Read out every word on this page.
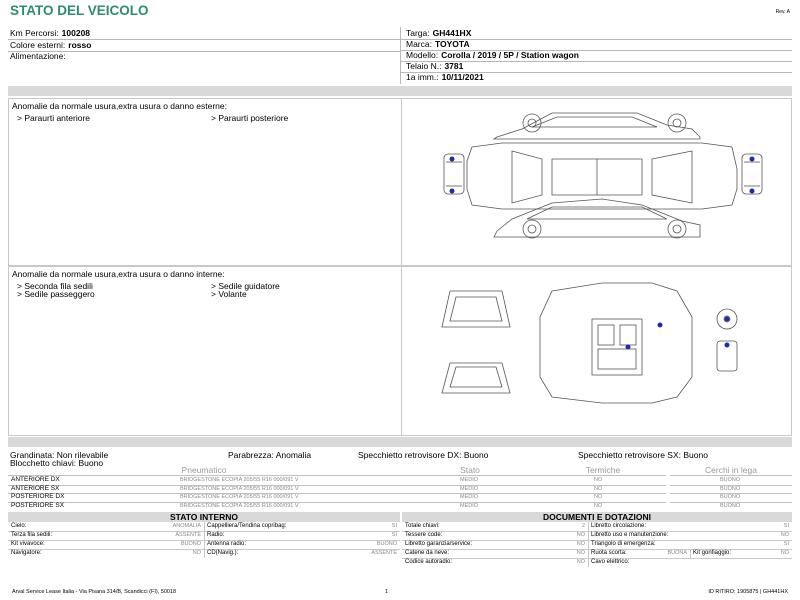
STATO DEL VEICOLO	Rev. A
Km Percorsi: 100208
Colore esterni: rosso
Alimentazione:
Targa: GH441HX
Marca: TOYOTA
Modello: Corolla / 2019 / 5P / Station wagon
Telaio N.: 3781
1a imm.: 10/11/2021
Anomalie da normale usura,extra usura o danno esterne:
> Paraurti anteriore	> Paraurti posteriore
Anomalie da normale usura,extra usura o danno interne:
> Seconda fila sedili
> Sedile passeggero
> Sedile guidatore
> Volante
Grandinata: Non rilevabile	Parabrezza: Anomalia	Specchietto retrovisore DX: Buono	Specchietto retrovisore SX: Buono
Blocchetto chiavi: Buono
Pneumatico	Stato	Termiche	Cerchi in lega
ANTERIORE DX	BRIDGESTONE ECOPIA 205/55 R16 000/091 V	MEDIO	NO	BUONO
ANTERIORE SX	BRIDGESTONE ECOPIA 205/55 R16 000/091 V	MEDIO	NO	BUONO
POSTERIORE DX	BRIDGESTONE ECOPIA 205/55 R16 000/091 V	MEDIO	NO	BUONO
POSTERIORE SX	BRIDGESTONE ECOPIA 205/55 R16 000/091 V	MEDIO	NO	BUONO
STATO INTERNO
Cielo:	ANOMALIA Cappelliera/Tendina copribag:	SI
Terza fila sedili:	ASSENTE Radio:	SI
Kit vivavoce:	BUONO Antenna radio:	BUONO
Navigatore:	NO CD(Navig.):	ASSENTE
DOCUMENTI E DOTAZIONI
Totale chiavi:	2 Libretto circolazione:	SI
Tessere code:	NO Libretto uso e manutenzione:	NO
Libretto garanzia/service:	NO Triangolo di emergenza:	SI
Catene da neve:	NO Ruota scorta:	BUONA Kit gonfiaggio:	NO
Codice autoradio:	NO Cavo elettrico:
Arval Service Lease Italia - Via Pisana 314/B, Scandicci (FI), 50018	1	ID RITIRO: 1905875 | GH441HX
